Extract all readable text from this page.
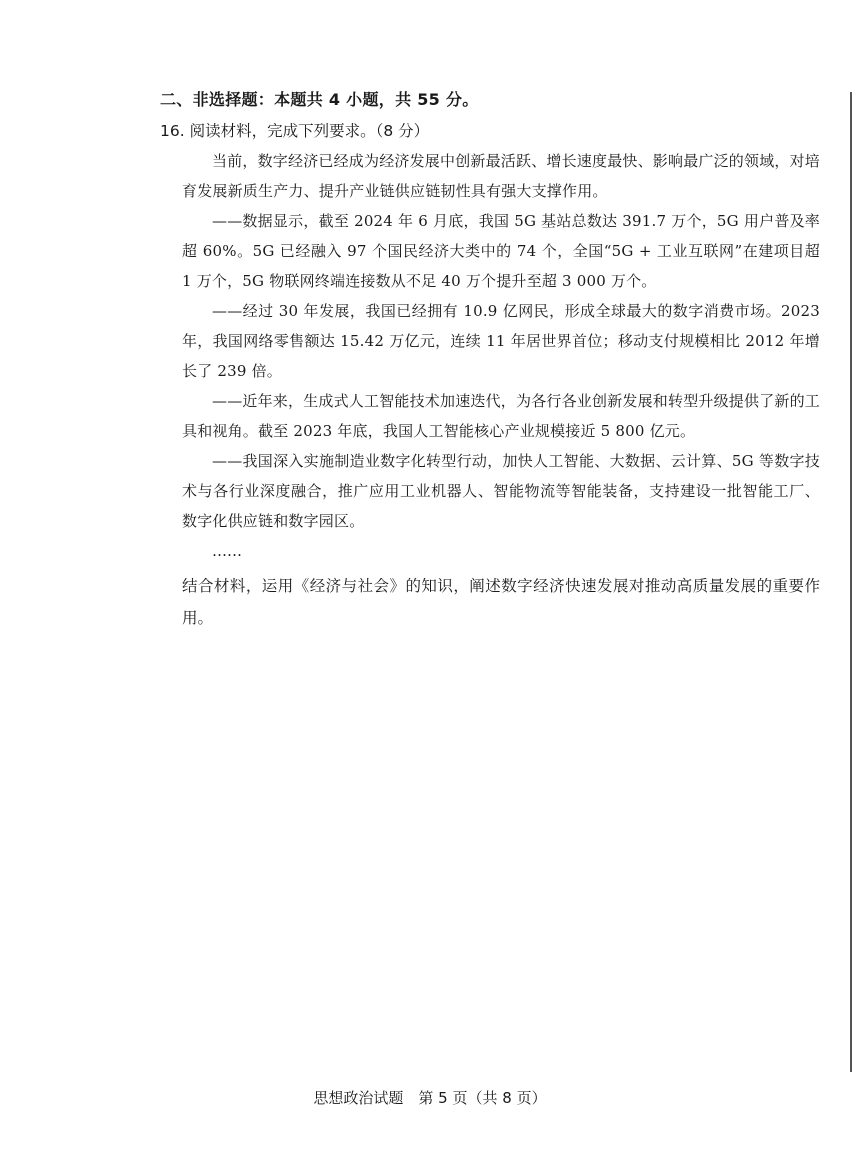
二、非选择题：本题共 4 小题，共 55 分。
16. 阅读材料，完成下列要求。（8 分）
当前，数字经济已经成为经济发展中创新最活跃、增长速度最快、影响最广泛的领域，对培育发展新质生产力、提升产业链供应链韧性具有强大支撑作用。
——数据显示，截至 2024 年 6 月底，我国 5G 基站总数达 391.7 万个，5G 用户普及率超 60%。5G 已经融入 97 个国民经济大类中的 74 个，全国“5G + 工业互联网”在建项目超 1 万个，5G 物联网终端连接数从不足 40 万个提升至超 3 000 万个。
——经过 30 年发展，我国已经拥有 10.9 亿网民，形成全球最大的数字消费市场。2023 年，我国网络零售额达 15.42 万亿元，连续 11 年居世界首位；移动支付规模相比 2012 年增长了 239 倍。
——近年来，生成式人工智能技术加速迭代，为各行各业创新发展和转型升级提供了新的工具和视角。截至 2023 年底，我国人工智能核心产业规模接近 5 800 亿元。
——我国深入实施制造业数字化转型行动，加快人工智能、大数据、云计算、5G 等数字技术与各行业深度融合，推广应用工业机器人、智能物流等智能装备，支持建设一批智能工厂、数字化供应链和数字园区。
……
结合材料，运用《经济与社会》的知识，阐述数字经济快速发展对推动高质量发展的重要作用。
思想政治试题　第 5 页（共 8 页）
